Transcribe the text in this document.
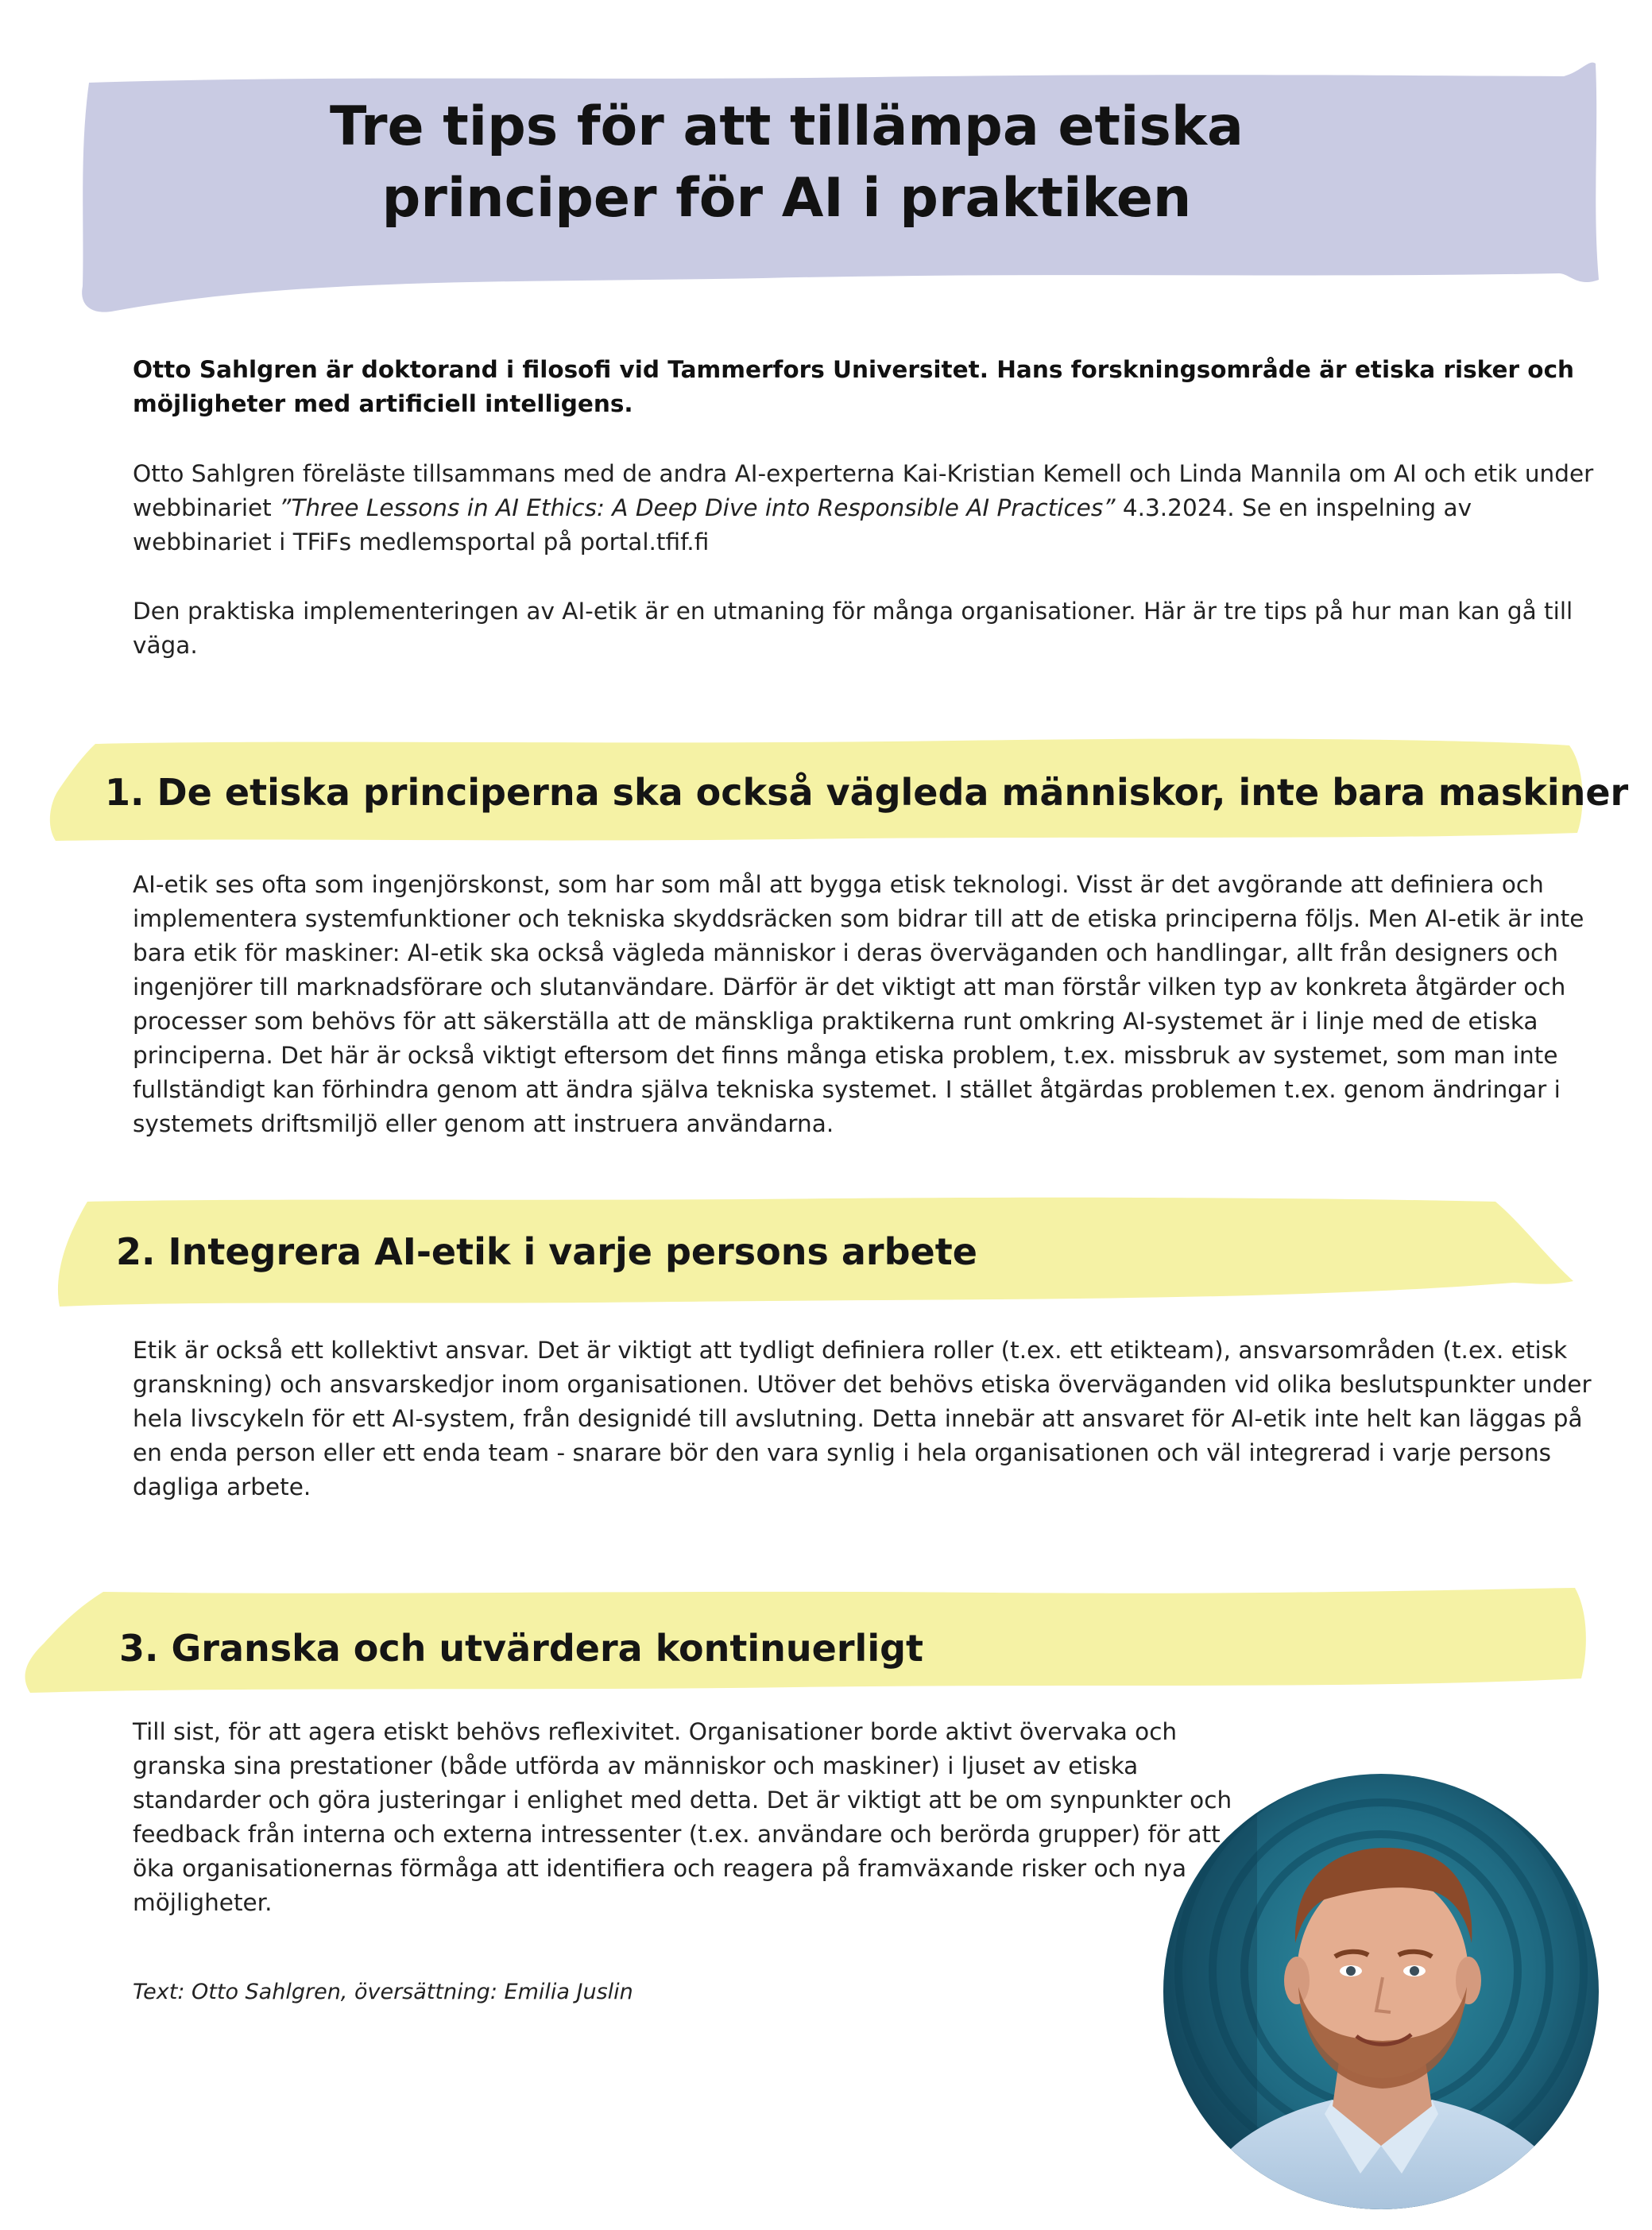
Tre tips för att tillämpa etiska
principer för AI i praktiken

Otto Sahlgren är doktorand i filosofi vid Tammerfors Universitet. Hans forskningsområde är etiska risker och möjligheter med artificiell intelligens.

Otto Sahlgren föreläste tillsammans med de andra AI-experterna Kai-Kristian Kemell och Linda Mannila om AI och etik under webbinariet ”Three Lessons in AI Ethics: A Deep Dive into Responsible AI Practices” 4.3.2024. Se en inspelning av webbinariet i TFiFs medlemsportal på portal.tfif.fi

Den praktiska implementeringen av AI-etik är en utmaning för många organisationer. Här är tre tips på hur man kan gå till väga.

1. De etiska principerna ska också vägleda människor, inte bara maskiner

AI-etik ses ofta som ingenjörskonst, som har som mål att bygga etisk teknologi. Visst är det avgörande att definiera och implementera systemfunktioner och tekniska skyddsräcken som bidrar till att de etiska principerna följs. Men AI-etik är inte bara etik för maskiner: AI-etik ska också vägleda människor i deras överväganden och handlingar, allt från designers och ingenjörer till marknadsförare och slutanvändare. Därför är det viktigt att man förstår vilken typ av konkreta åtgärder och processer som behövs för att säkerställa att de mänskliga praktikerna runt omkring AI-systemet är i linje med de etiska principerna. Det här är också viktigt eftersom det finns många etiska problem, t.ex. missbruk av systemet, som man inte fullständigt kan förhindra genom att ändra själva tekniska systemet. I stället åtgärdas problemen t.ex. genom ändringar i systemets driftsmiljö eller genom att instruera användarna.

2. Integrera AI-etik i varje persons arbete

Etik är också ett kollektivt ansvar. Det är viktigt att tydligt definiera roller (t.ex. ett etikteam), ansvarsområden (t.ex. etisk granskning) och ansvarskedjor inom organisationen. Utöver det behövs etiska överväganden vid olika beslutspunkter under hela livscykeln för ett AI-system, från designidé till avslutning. Detta innebär att ansvaret för AI-etik inte helt kan läggas på en enda person eller ett enda team - snarare bör den vara synlig i hela organisationen och väl integrerad i varje persons dagliga arbete.

3. Granska och utvärdera kontinuerligt

Till sist, för att agera etiskt behövs reflexivitet. Organisationer borde aktivt övervaka och granska sina prestationer (både utförda av människor och maskiner) i ljuset av etiska standarder och göra justeringar i enlighet med detta. Det är viktigt att be om synpunkter och feedback från interna och externa intressenter (t.ex. användare och berörda grupper) för att öka organisationernas förmåga att identifiera och reagera på framväxande risker och nya möjligheter.

Text: Otto Sahlgren, översättning: Emilia Juslin
